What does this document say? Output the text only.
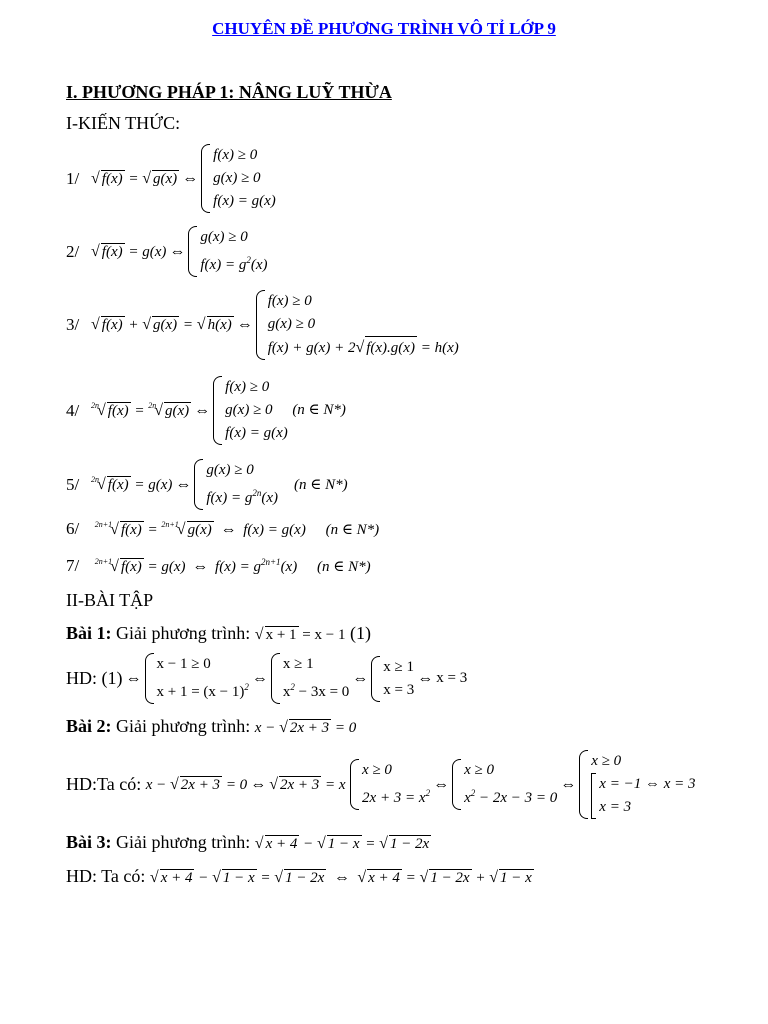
CHUYÊN ĐỀ PHƯƠNG TRÌNH VÔ TỈ LỚP 9
I. PHƯƠNG PHÁP 1: NÂNG LUỸ THỪA
I-KIẾN THỨC:
1/ √ f(x) = √ g(x) ⇔
f(x) ≥ 0
g(x) ≥ 0
f(x) = g(x)
2/ √ f(x) = g(x) ⇔
g(x) ≥ 0
$f(x) = g^2(x)$
3/ √ f(x) + √ g(x) = √ h(x) ⇔
f(x) ≥ 0
g(x) ≥ 0
f(x) + g(x) + 2√ f(x).g(x) = h(x)
4/	$^{2n}$√ f(x) = $^{2n}$√ g(x) ⇔
f(x) ≥ 0
g(x) ≥ 0 (n ∈ N*)
f(x) = g(x)
5/	$^{2n}$√ f(x) = g(x) ⇔
g(x) ≥ 0
$f(x) = g^{2n}(x)$
(n ∈ N*)
6/ $^{2n+1}$√ f(x) = $^{2n+1}$√ g(x) ⇔ f(x) = g(x) (n ∈ N*)
7/ $^{2n+1}$√ f(x) = g(x) ⇔ $f(x) = g^{2n+1}(x)$ (n ∈ N*)
II-BÀI TẬP
Bài 1: Giải phương trình: √ x + 1 = x − 1 (1)
HD: (1) ⇔
x − 1 ≥ 0
$x + 1 = (x - 1)^2$
⇔
x ≥ 1
$x^2 - 3x = 0$
⇔
x ≥ 1
x = 3
⇔ x = 3
Bài 2: Giải phương trình: x − √ 2x + 3 = 0
HD:Ta có:
x − √ 2x + 3 = 0 ⇔ √ 2x + 3 = x

x ≥ 0
$2x + 3 = x^2$
⇔
x ≥ 0
$x^2 - 2x - 3 = 0$
⇔
x ≥ 0
x = −1 ⇔ x = 3
x = 3
Bài 3: Giải phương trình: √ x + 4 − √ 1 − x = √ 1 − 2x
HD: Ta có: √ x + 4 − √ 1 − x = √ 1 − 2x ⇔ √ x + 4 = √ 1 − 2x + √ 1 − x
